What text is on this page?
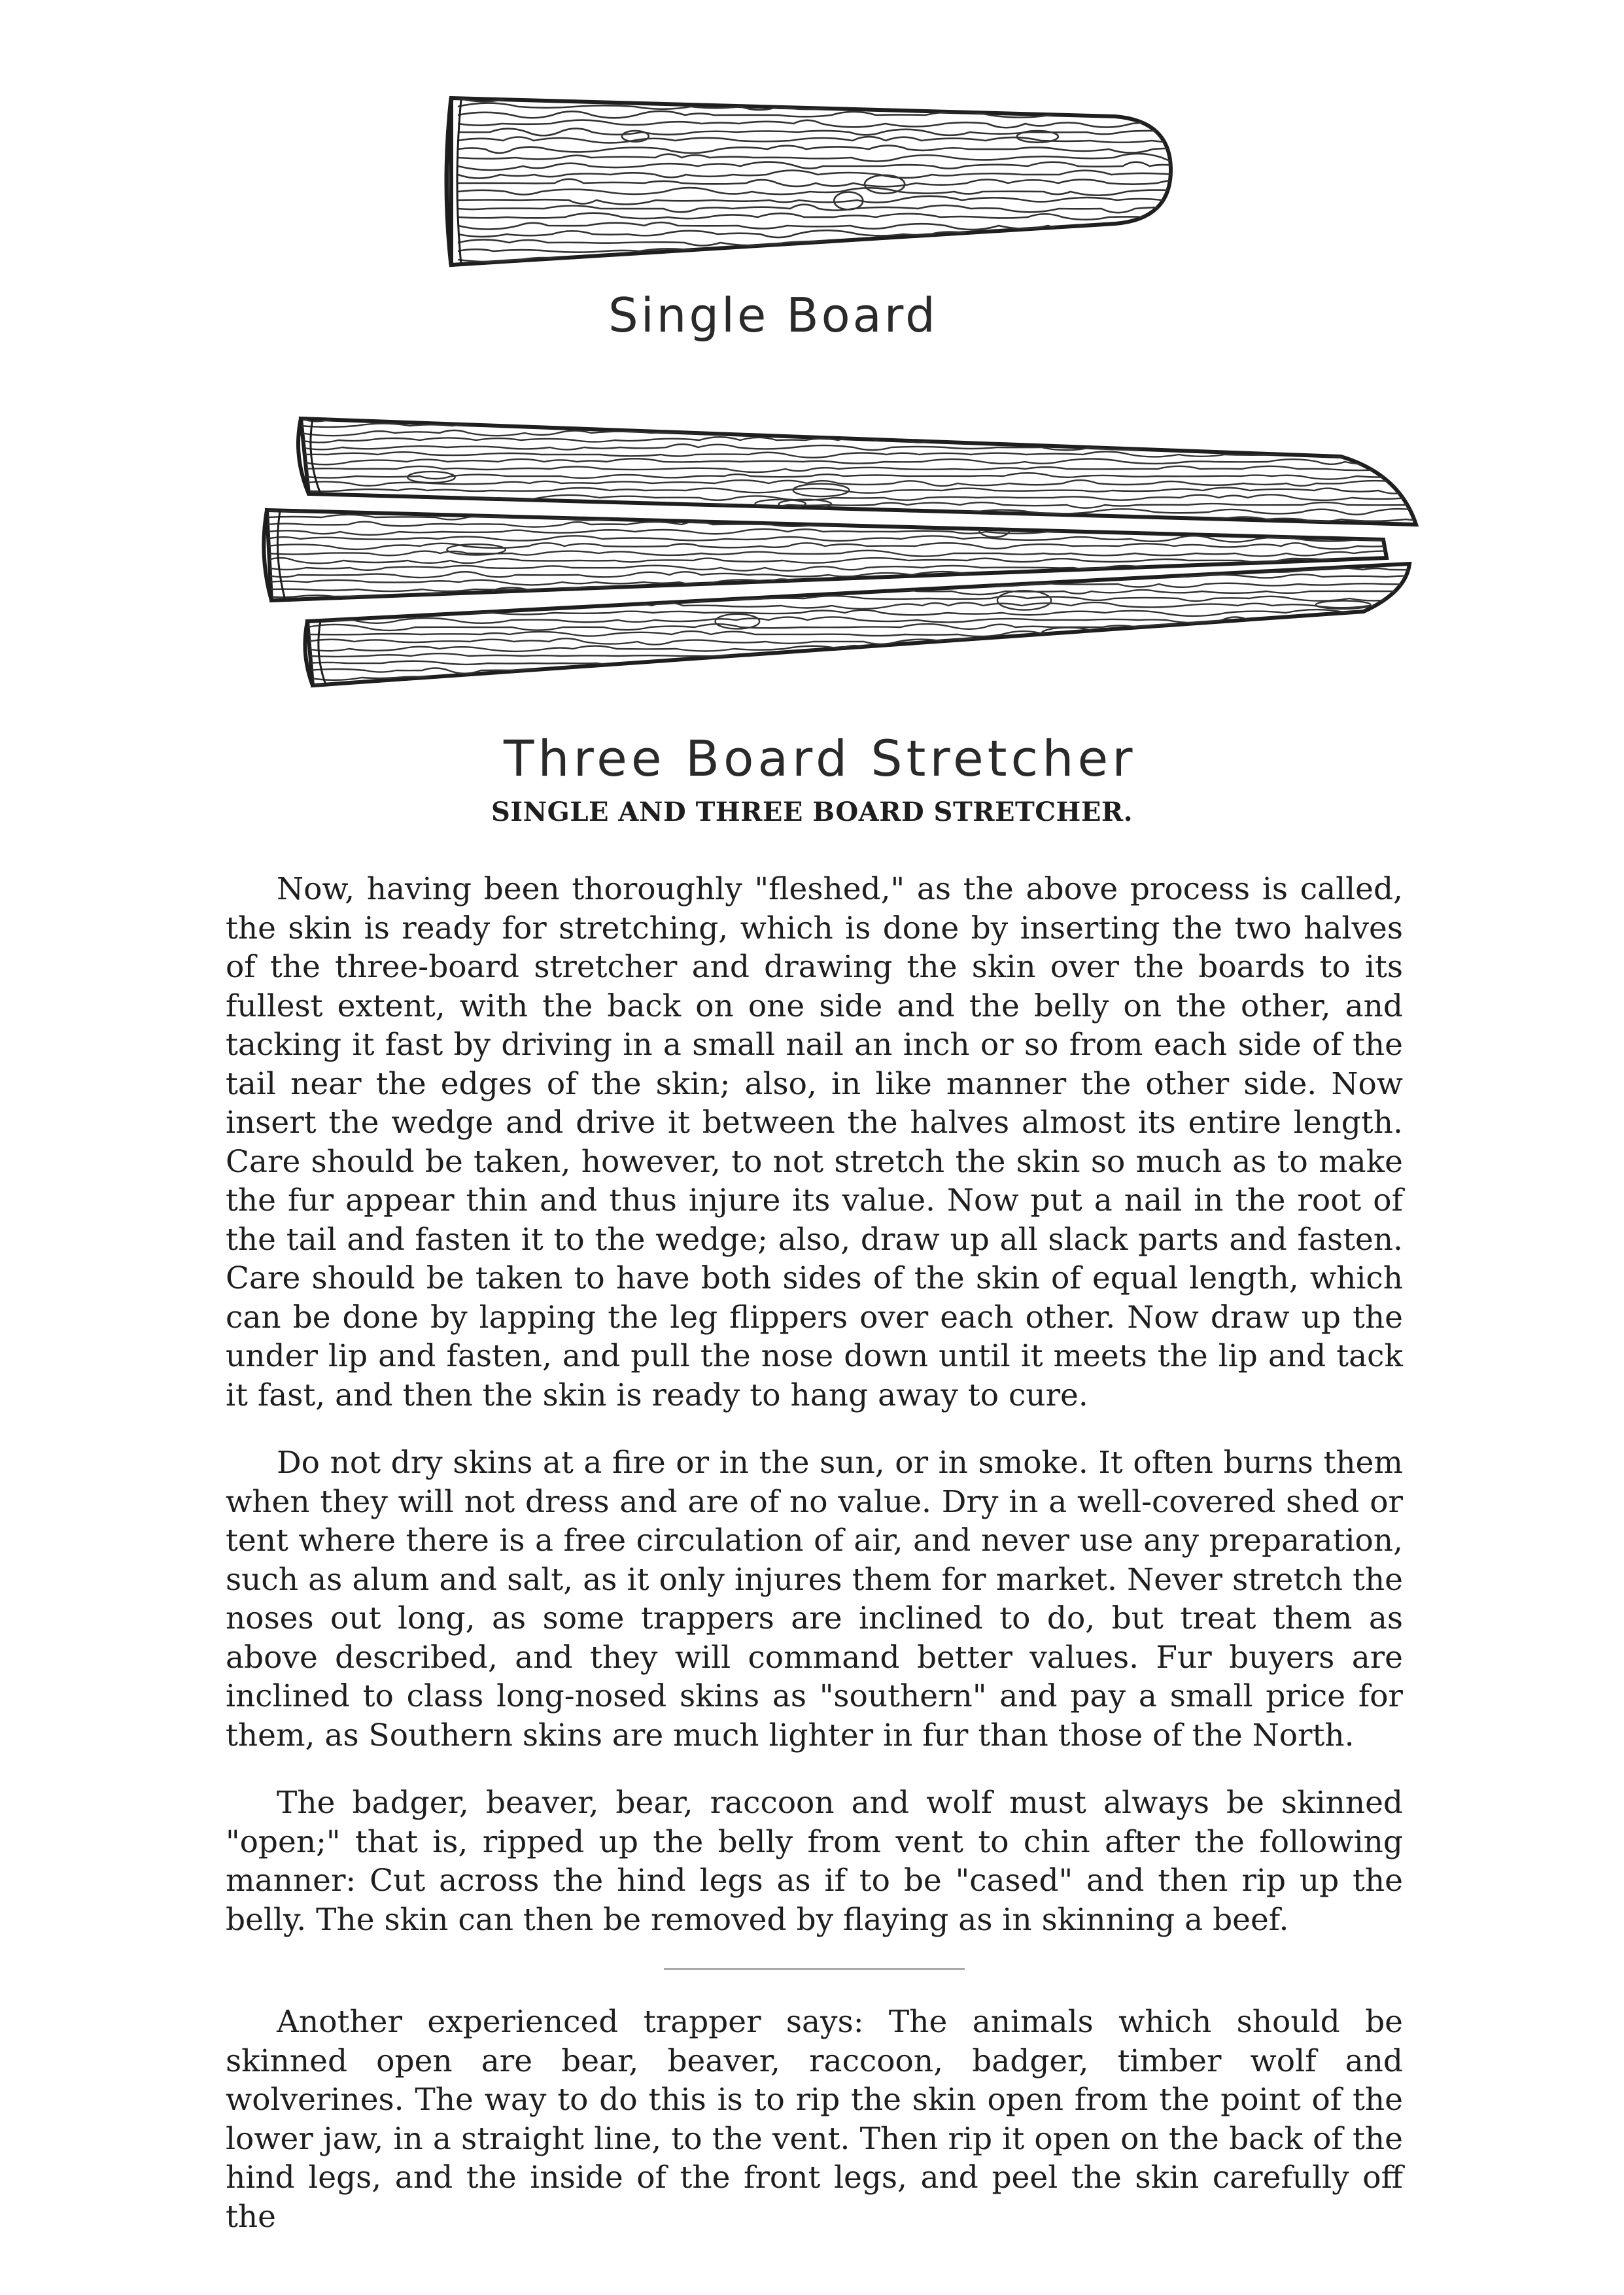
Single Board
Three Board Stretcher
SINGLE AND THREE BOARD STRETCHER.

Now, having been thoroughly "fleshed," as the above process is called, the skin is ready for stretching, which is done by inserting the two halves of the three-board stretcher and drawing the skin over the boards to its fullest extent, with the back on one side and the belly on the other, and tacking it fast by driving in a small nail an inch or so from each side of the tail near the edges of the skin; also, in like manner the other side. Now insert the wedge and drive it between the halves almost its entire length. Care should be taken, however, to not stretch the skin so much as to make the fur appear thin and thus injure its value. Now put a nail in the root of the tail and fasten it to the wedge; also, draw up all slack parts and fasten. Care should be taken to have both sides of the skin of equal length, which can be done by lapping the leg flippers over each other. Now draw up the under lip and fasten, and pull the nose down until it meets the lip and tack it fast, and then the skin is ready to hang away to cure.

Do not dry skins at a fire or in the sun, or in smoke. It often burns them when they will not dress and are of no value. Dry in a well-covered shed or tent where there is a free circulation of air, and never use any preparation, such as alum and salt, as it only injures them for market. Never stretch the noses out long, as some trappers are inclined to do, but treat them as above described, and they will command better values. Fur buyers are inclined to class long-nosed skins as "southern" and pay a small price for them, as Southern skins are much lighter in fur than those of the North.

The badger, beaver, bear, raccoon and wolf must always be skinned "open;" that is, ripped up the belly from vent to chin after the following manner: Cut across the hind legs as if to be "cased" and then rip up the belly. The skin can then be removed by flaying as in skinning a beef.

Another experienced trapper says: The animals which should be skinned open are bear, beaver, raccoon, badger, timber wolf and wolverines. The way to do this is to rip the skin open from the point of the lower jaw, in a straight line, to the vent. Then rip it open on the back of the hind legs, and the inside of the front legs, and peel the skin carefully off the
